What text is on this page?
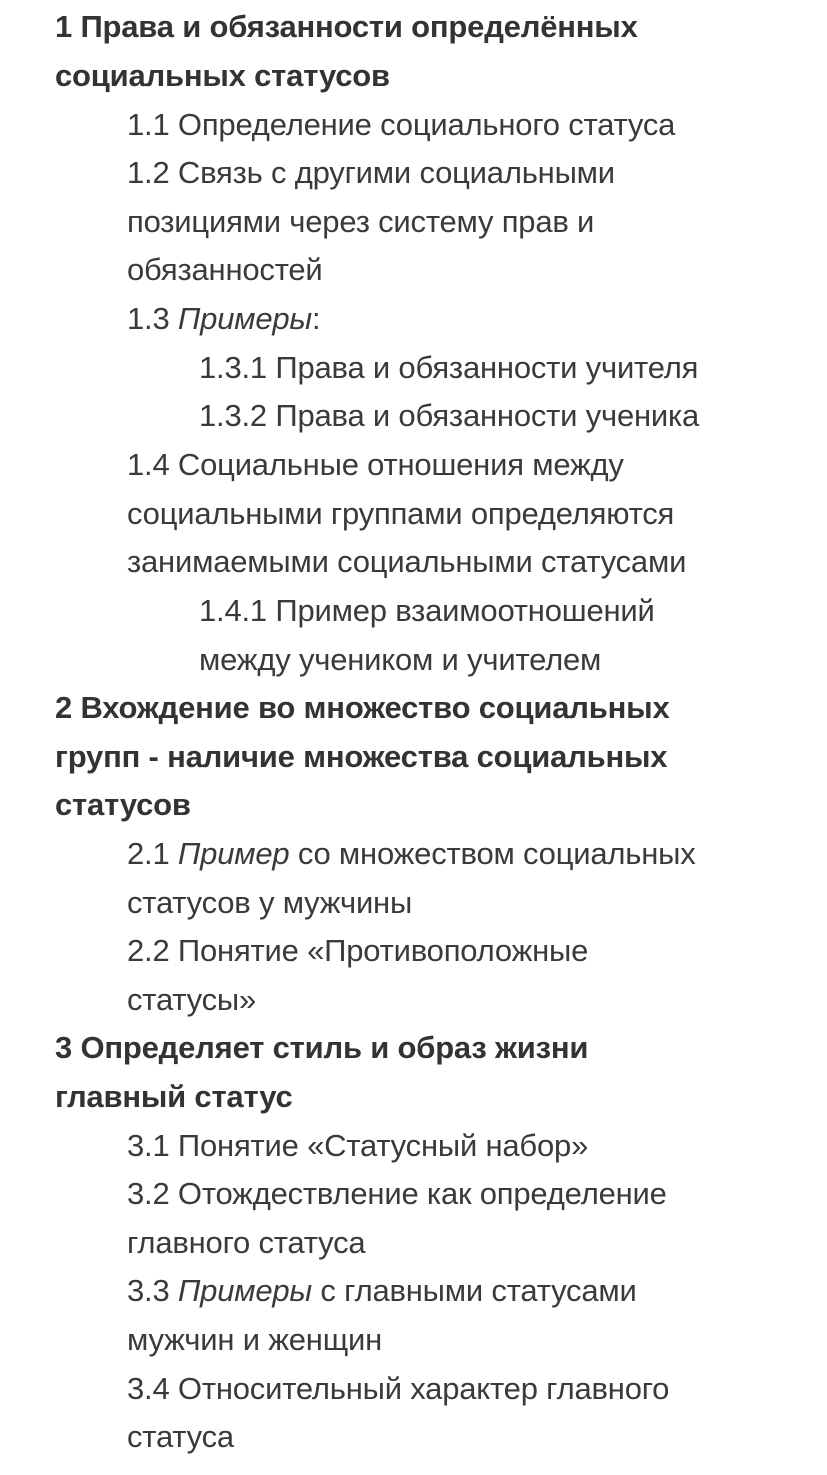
1 Права и обязанности определённых
социальных статусов
1.1 Определение социального статуса
1.2 Связь с другими социальными
позициями через систему прав и
обязанностей
1.3 Примеры:
1.3.1 Права и обязанности учителя
1.3.2 Права и обязанности ученика
1.4 Социальные отношения между
социальными группами определяются
занимаемыми социальными статусами
1.4.1 Пример взаимоотношений
между учеником и учителем
2 Вхождение во множество социальных
групп - наличие множества социальных
статусов
2.1 Пример со множеством социальных
статусов у мужчины
2.2 Понятие «Противоположные
статусы»
3 Определяет стиль и образ жизни
главный статус
3.1 Понятие «Статусный набор»
3.2 Отождествление как определение
главного статуса
3.3 Примеры с главными статусами
мужчин и женщин
3.4 Относительный характер главного
статуса
